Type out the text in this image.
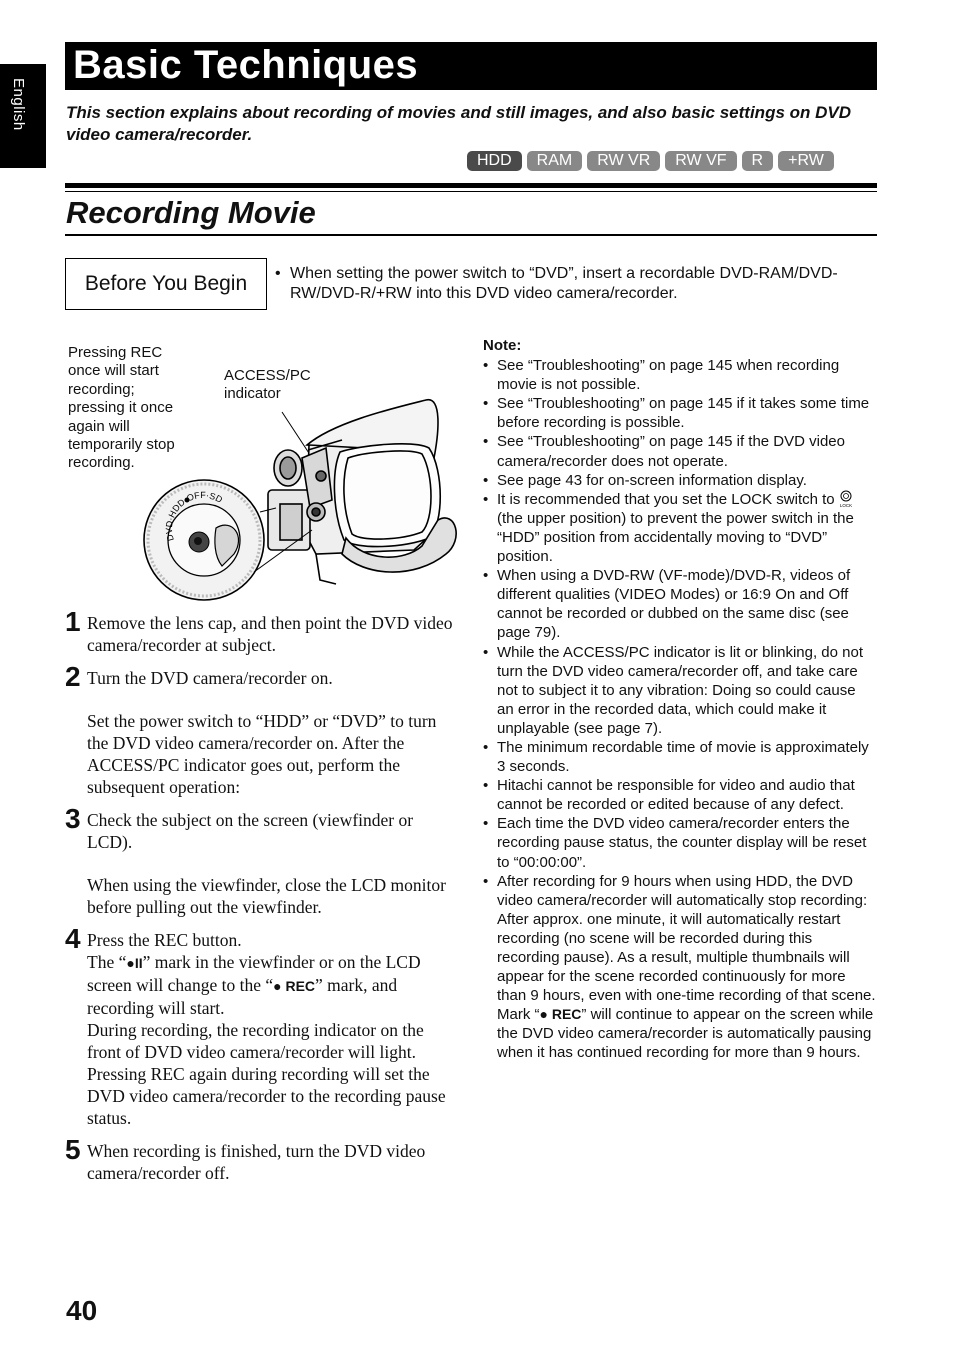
English
Basic Techniques
This section explains about recording of movies and still images, and also basic settings on DVD video camera/recorder.
HDD	RAM	RW VR	RW VF	R	+RW
Recording Movie
Before You Begin	• When setting the power switch to “DVD”, insert a recordable DVD-RAM/DVD-RW/DVD-R/+RW into this DVD video camera/recorder.
Pressing REC
once will start
recording;
pressing it once
again will
temporarily stop
recording.
ACCESS/PC
indicator
DVD·HDD·OFF·SD
1 Remove the lens cap, and then point the DVD video camera/recorder at subject.

2 Turn the DVD camera/recorder on.

Set the power switch to “HDD” or “DVD” to turn the DVD video camera/recorder on. After the ACCESS/PC indicator goes out, perform the subsequent operation:

3 Check the subject on the screen (viewfinder or LCD).

When using the viewfinder, close the LCD monitor before pulling out the viewfinder.

4 Press the REC button.

The “●II” mark in the viewfinder or on the LCD screen will change to the “● REC” mark, and recording will start.

During recording, the recording indicator on the front of DVD video camera/recorder will light.

Pressing REC again during recording will set the DVD video camera/recorder to the recording pause status.

5 When recording is finished, turn the DVD video camera/recorder off.

Note:
• See “Troubleshooting” on page 145 when recording movie is not possible.
• See “Troubleshooting” on page 145 if it takes some time before recording is possible.
• See “Troubleshooting” on page 145 if the DVD video camera/recorder does not operate.
• See page 43 for on-screen information display.
• It is recommended that you set the LOCK switch to LOCK
(the upper position) to prevent the power switch in the “HDD” position from accidentally moving to “DVD” position.
• When using a DVD-RW (VF-mode)/DVD-R, videos of different qualities (VIDEO Modes) or 16:9 On and Off cannot be recorded or dubbed on the same disc (see page 79).
• While the ACCESS/PC indicator is lit or blinking, do not turn the DVD video camera/recorder off, and take care not to subject it to any vibration: Doing so could cause an error in the recorded data, which could make it unplayable (see page 7).
• The minimum recordable time of movie is approximately 3 seconds.
• Hitachi cannot be responsible for video and audio that cannot be recorded or edited because of any defect.
• Each time the DVD video camera/recorder enters the recording pause status, the counter display will be reset to “00:00:00”.
• After recording for 9 hours when using HDD, the DVD video camera/recorder will automatically stop recording: After approx. one minute, it will automatically restart recording (no scene will be recorded during this recording pause). As a result, multiple thumbnails will appear for the scene recorded continuously for more than 9 hours, even with one-time recording of that scene. Mark “● REC” will continue to appear on the screen while the DVD video camera/recorder is automatically pausing when it has continued recording for more than 9 hours.
40
